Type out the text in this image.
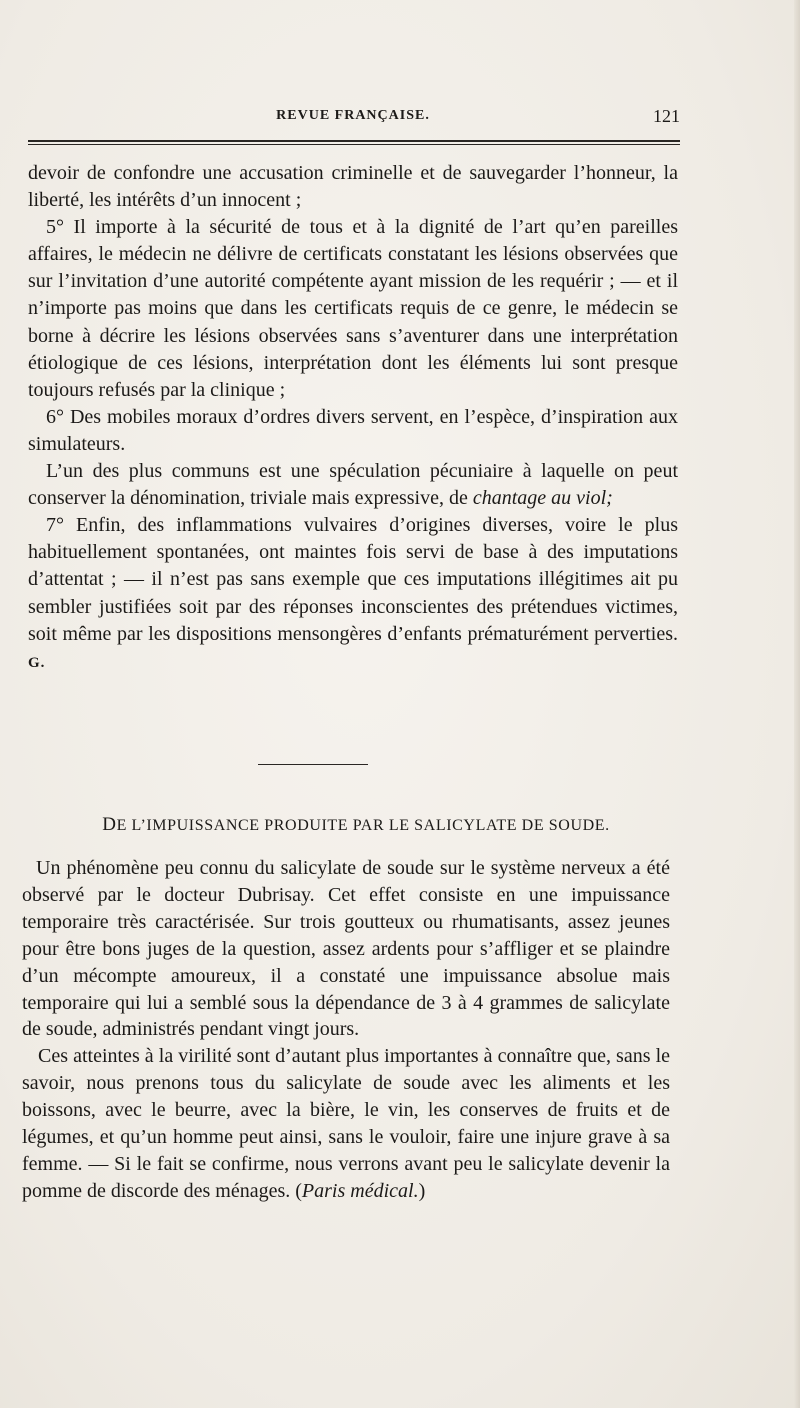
REVUE FRANÇAISE.	121

devoir de confondre une accusation criminelle et de sauvegarder l’honneur, la liberté, les intérêts d’un innocent ;

5° Il importe à la sécurité de tous et à la dignité de l’art qu’en pareilles affaires, le médecin ne délivre de certificats constatant les lésions observées que sur l’invitation d’une autorité compétente ayant mission de les requérir ; — et il n’importe pas moins que dans les certificats requis de ce genre, le médecin se borne à décrire les lésions observées sans s’aventurer dans une interprétation étiologique de ces lésions, interprétation dont les éléments lui sont presque toujours refusés par la clinique ;

6° Des mobiles moraux d’ordres divers servent, en l’espèce, d’inspiration aux simulateurs.

L’un des plus communs est une spéculation pécuniaire à laquelle on peut conserver la dénomination, triviale mais expressive, de chantage au viol;

7° Enfin, des inflammations vulvaires d’origines diverses, voire le plus habituellement spontanées, ont maintes fois servi de base à des imputations d’attentat ; — il n’est pas sans exemple que ces imputations illégitimes ait pu sembler justifiées soit par des réponses inconscientes des prétendues victimes, soit même par les dispositions mensongères d’enfants prématurément perverties. G.

DE L’IMPUISSANCE PRODUITE PAR LE SALICYLATE DE SOUDE.

Un phénomène peu connu du salicylate de soude sur le système nerveux a été observé par le docteur Dubrisay. Cet effet consiste en une impuissance temporaire très caractérisée. Sur trois goutteux ou rhumatisants, assez jeunes pour être bons juges de la question, assez ardents pour s’affliger et se plaindre d’un mécompte amoureux, il a constaté une impuissance absolue mais temporaire qui lui a semblé sous la dépendance de 3 à 4 grammes de salicylate de soude, administrés pendant vingt jours.

Ces atteintes à la virilité sont d’autant plus importantes à connaître que, sans le savoir, nous prenons tous du salicylate de soude avec les aliments et les boissons, avec le beurre, avec la bière, le vin, les conserves de fruits et de légumes, et qu’un homme peut ainsi, sans le vouloir, faire une injure grave à sa femme. — Si le fait se confirme, nous verrons avant peu le salicylate devenir la pomme de discorde des ménages. (Paris médical.)
